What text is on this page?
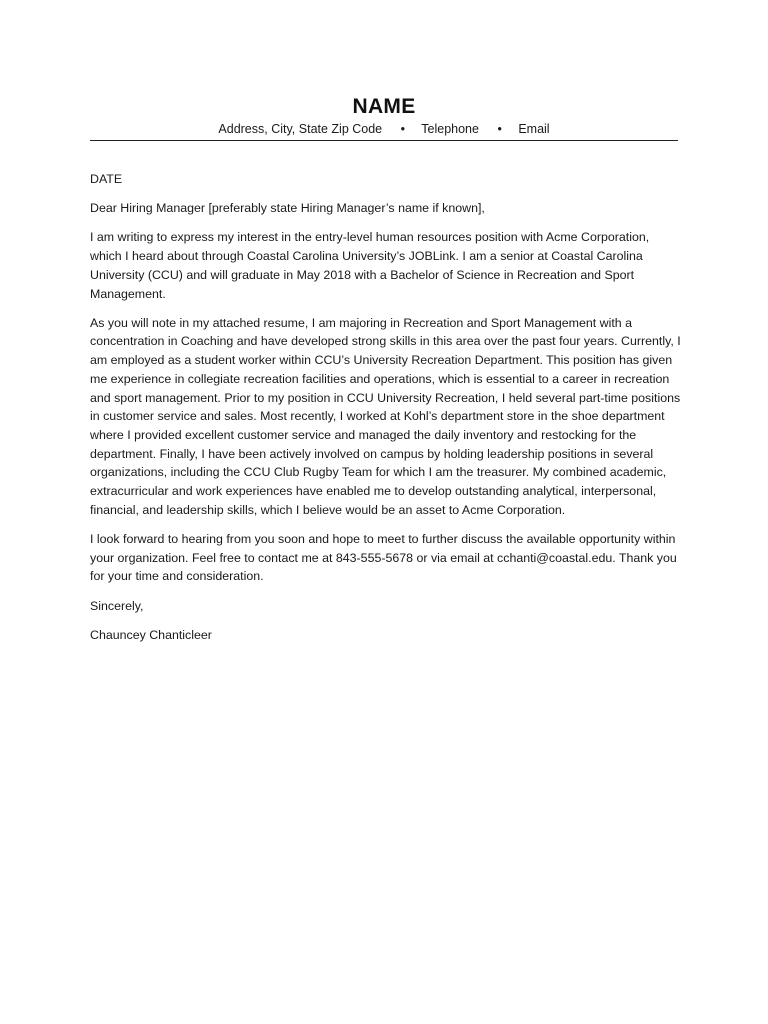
NAME
Address, City, State Zip Code • Telephone • Email

DATE

Dear Hiring Manager [preferably state Hiring Manager’s name if known],

I am writing to express my interest in the entry-level human resources position with Acme Corporation, which I heard about through Coastal Carolina University’s JOBLink. I am a senior at Coastal Carolina University (CCU) and will graduate in May 2018 with a Bachelor of Science in Recreation and Sport Management.

As you will note in my attached resume, I am majoring in Recreation and Sport Management with a concentration in Coaching and have developed strong skills in this area over the past four years. Currently, I am employed as a student worker within CCU’s University Recreation Department. This position has given me experience in collegiate recreation facilities and operations, which is essential to a career in recreation and sport management. Prior to my position in CCU University Recreation, I held several part-time positions in customer service and sales. Most recently, I worked at Kohl’s department store in the shoe department where I provided excellent customer service and managed the daily inventory and restocking for the department. Finally, I have been actively involved on campus by holding leadership positions in several organizations, including the CCU Club Rugby Team for which I am the treasurer. My combined academic, extracurricular and work experiences have enabled me to develop outstanding analytical, interpersonal, financial, and leadership skills, which I believe would be an asset to Acme Corporation.

I look forward to hearing from you soon and hope to meet to further discuss the available opportunity within your organization. Feel free to contact me at 843-555-5678 or via email at cchanti@coastal.edu. Thank you for your time and consideration.

Sincerely,

Chauncey Chanticleer
